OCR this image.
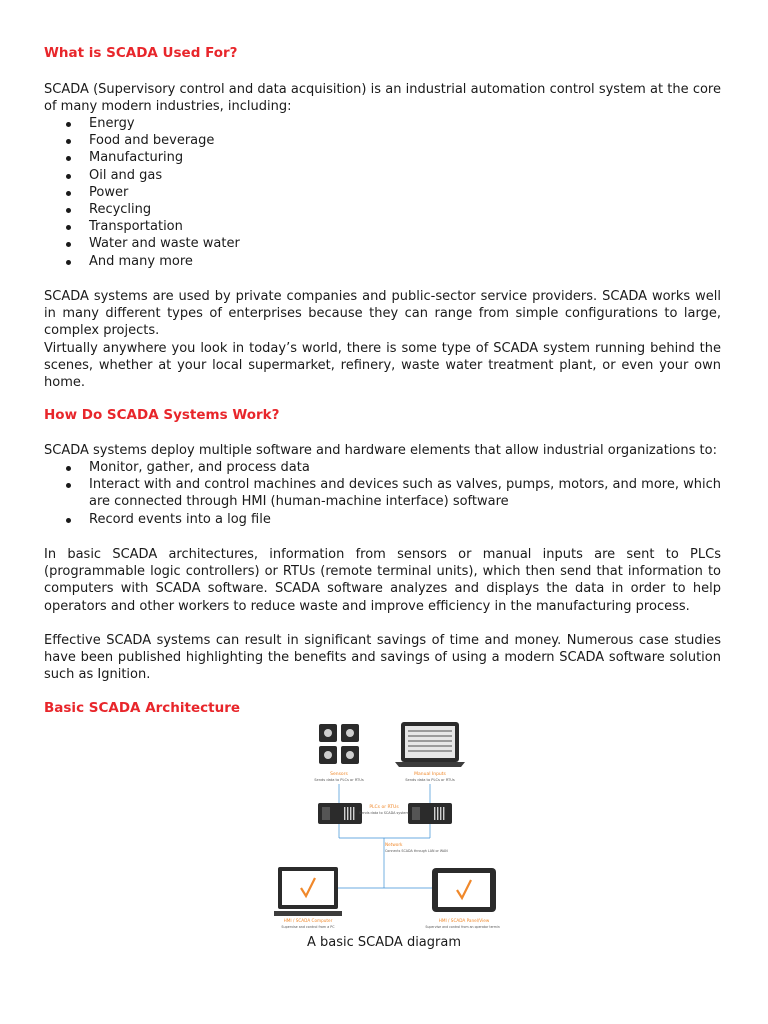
What is SCADA Used For?

SCADA (Supervisory control and data acquisition) is an industrial automation control system at the core of many modern industries, including:

Energy
Food and beverage
Manufacturing
Oil and gas
Power
Recycling
Transportation
Water and waste water
And many more

SCADA systems are used by private companies and public-sector service providers. SCADA works well in many different types of enterprises because they can range from simple configurations to large, complex projects.

Virtually anywhere you look in today’s world, there is some type of SCADA system running behind the scenes, whether at your local supermarket, refinery, waste water treatment plant, or even your own home.

How Do SCADA Systems Work?

SCADA systems deploy multiple software and hardware elements that allow industrial organizations to:

Monitor, gather, and process data
Interact with and control machines and devices such as valves, pumps, motors, and more, which are connected through HMI (human-machine interface) software
Record events into a log file

In basic SCADA architectures, information from sensors or manual inputs are sent to PLCs (programmable logic controllers) or RTUs (remote terminal units), which then send that information to computers with SCADA software. SCADA software analyzes and displays the data in order to help operators and other workers to reduce waste and improve efficiency in the manufacturing process.

Effective SCADA systems can result in significant savings of time and money. Numerous case studies have been published highlighting the benefits and savings of using a modern SCADA software solution such as Ignition.

Basic SCADA Architecture
Sensors
Sends data to PLCs or RTUs
Manual Inputs
Sends data to PLCs or RTUs
PLCs or RTUs
Sends data to SCADA system
Network
Connects SCADA through LAN or WAN
HMI / SCADA Computer
Supervise and control from a PC
HMI / SCADA Panel/View
Supervise and control from an operator terminal
A basic SCADA diagram
